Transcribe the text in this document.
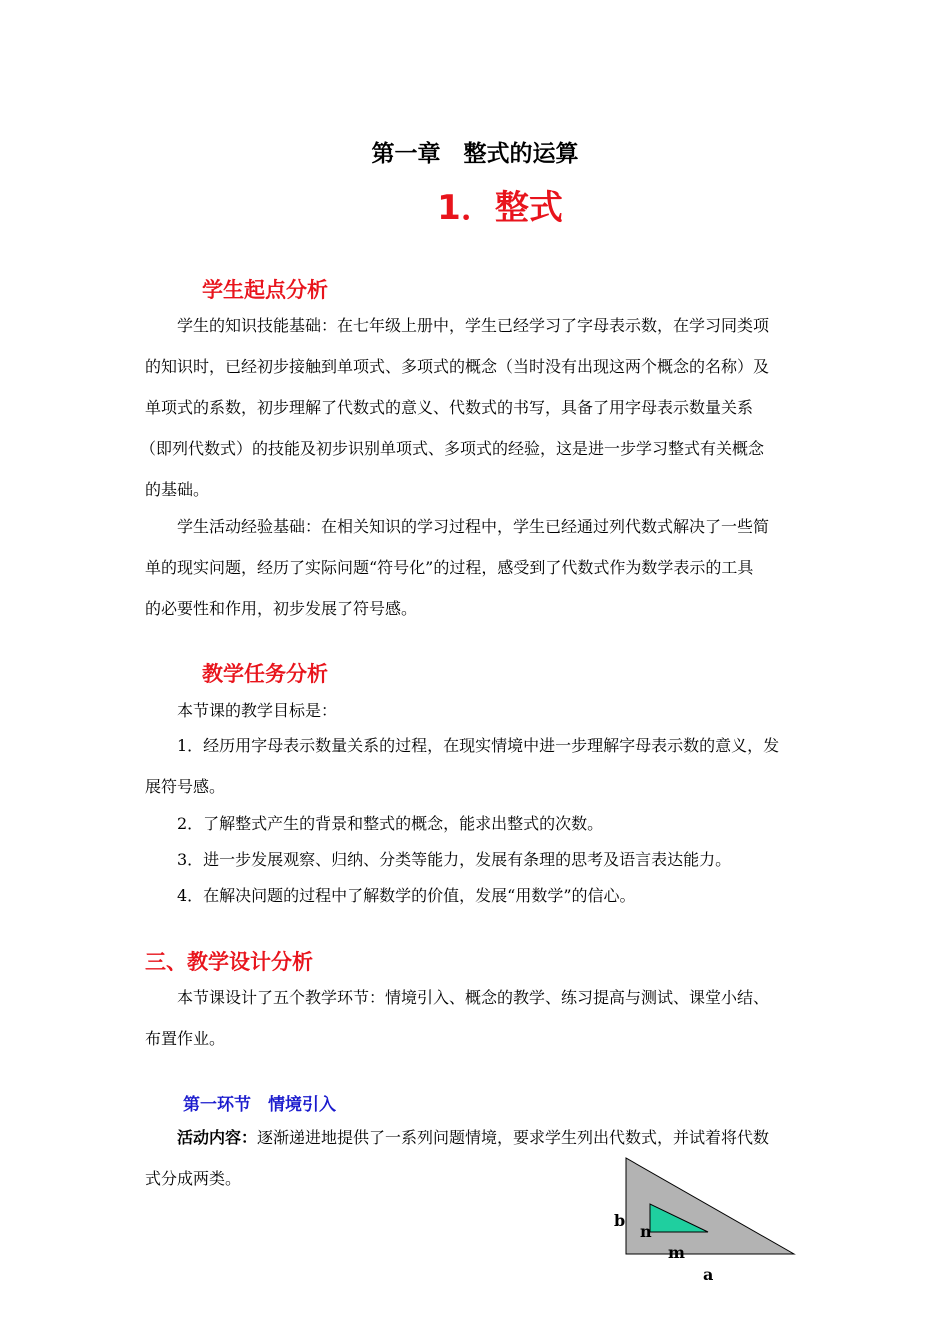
第一章　整式的运算
1．整式
学生起点分析
学生的知识技能基础：在七年级上册中，学生已经学习了字母表示数，在学习同类项
的知识时，已经初步接触到单项式、多项式的概念（当时没有出现这两个概念的名称）及
单项式的系数，初步理解了代数式的意义、代数式的书写，具备了用字母表示数量关系
（即列代数式）的技能及初步识别单项式、多项式的经验，这是进一步学习整式有关概念
的基础。
学生活动经验基础：在相关知识的学习过程中，学生已经通过列代数式解决了一些简
单的现实问题，经历了实际问题“符号化”的过程，感受到了代数式作为数学表示的工具
的必要性和作用，初步发展了符号感。
教学任务分析
本节课的教学目标是：
1．经历用字母表示数量关系的过程，在现实情境中进一步理解字母表示数的意义，发
展符号感。
2．了解整式产生的背景和整式的概念，能求出整式的次数。
3．进一步发展观察、归纳、分类等能力，发展有条理的思考及语言表达能力。
4．在解决问题的过程中了解数学的价值，发展“用数学”的信心。
三、教学设计分析
本节课设计了五个教学环节：情境引入、概念的教学、练习提高与测试、课堂小结、
布置作业。
第一环节　情境引入
活动内容：逐渐递进地提供了一系列问题情境，要求学生列出代数式，并试着将代数
式分成两类。
b
n
m
a
